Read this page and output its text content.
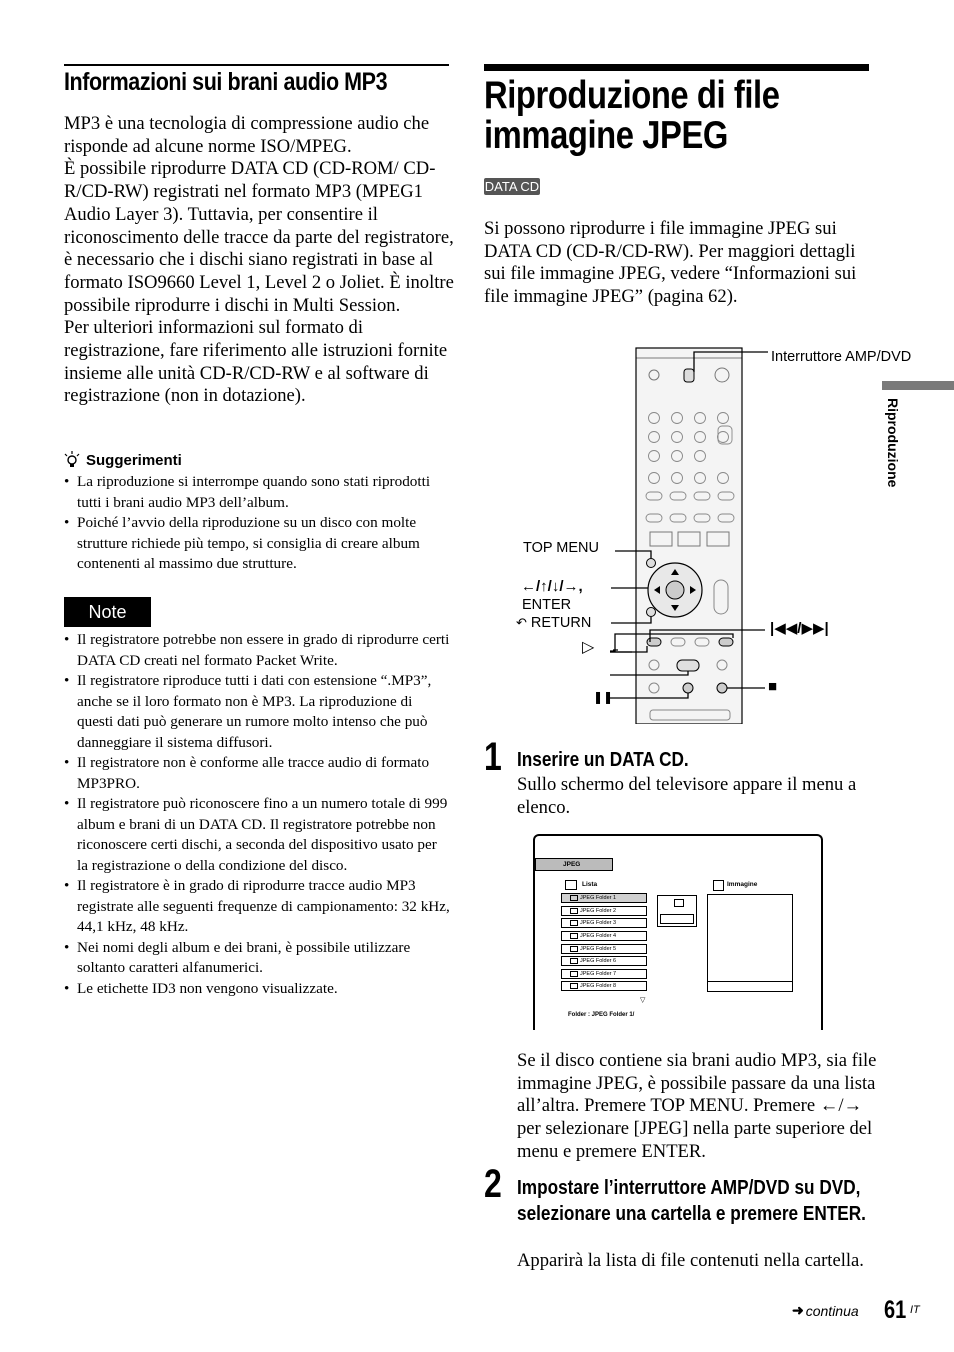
Informazioni sui brani audio MP3

MP3 è una tecnologia di compressione audio che risponde ad alcune norme ISO/MPEG.

È possibile riprodurre DATA CD (CD-ROM/ CD-R/CD-RW) registrati nel formato MP3 (MPEG1 Audio Layer 3). Tuttavia, per consentire il riconoscimento delle tracce da parte del registratore, è necessario che i dischi siano registrati in base al formato ISO9660 Level 1, Level 2 o Joliet. È inoltre possibile riprodurre i dischi in Multi Session.

Per ulteriori informazioni sul formato di registrazione, fare riferimento alle istruzioni fornite insieme alle unità CD-R/CD-RW e al software di registrazione (non in dotazione).

Suggerimenti
• La riproduzione si interrompe quando sono stati riprodotti tutti i brani audio MP3 dell’album.
• Poiché l’avvio della riproduzione su un disco con molte strutture richiede più tempo, si consiglia di creare album contenenti al massimo due strutture.
Note
• Il registratore potrebbe non essere in grado di riprodurre certi DATA CD creati nel formato Packet Write.
• Il registratore riproduce tutti i dati con estensione “.MP3”, anche se il loro formato non è MP3. La riproduzione di questi dati può generare un rumore molto intenso che può danneggiare il sistema diffusori.
• Il registratore non è conforme alle tracce audio di formato MP3PRO.
• Il registratore può riconoscere fino a un numero totale di 999 album e brani di un DATA CD. Il registratore potrebbe non riconoscere certi dischi, a seconda del dispositivo usato per la registrazione o della condizione del disco.
• Il registratore è in grado di riprodurre tracce audio MP3 registrate alle seguenti frequenze di campionamento: 32 kHz, 44,1 kHz, 48 kHz.
• Nei nomi degli album e dei brani, è possibile utilizzare soltanto caratteri alfanumerici.
• Le etichette ID3 non vengono visualizzate.
Riproduzione di file immagine JPEG
DATA CD

Si possono riprodurre i file immagine JPEG sui DATA CD (CD-R/CD-RW). Per maggiori dettagli sui file immagine JPEG, vedere “Informazioni sui file immagine JPEG” (pagina 62).

Interruttore AMP/DVD
TOP MENU
←/↑/↓/→,
ENTER
↶ RETURN
▷
❚❚
|◀◀ / ▶▶|
■
1 Inserire un DATA CD.

Sullo schermo del televisore appare il menu a elenco.

JPEG
Lista	Immagine
JPEG Folder 1
JPEG Folder 2
JPEG Folder 3
JPEG Folder 4
JPEG Folder 5
JPEG Folder 6
JPEG Folder 7
JPEG Folder 8
▽
Folder : JPEG Folder 1/

Se il disco contiene sia brani audio MP3, sia file immagine JPEG, è possibile passare da una lista all’altra. Premere TOP MENU. Premere ←/→ per selezionare [JPEG] nella parte superiore del menu e premere ENTER.

2 Impostare l’interruttore AMP/DVD su DVD, selezionare una cartella e premere ENTER.

Apparirà la lista di file contenuti nella cartella.

Riproduzione
➜ continua 61 IT
